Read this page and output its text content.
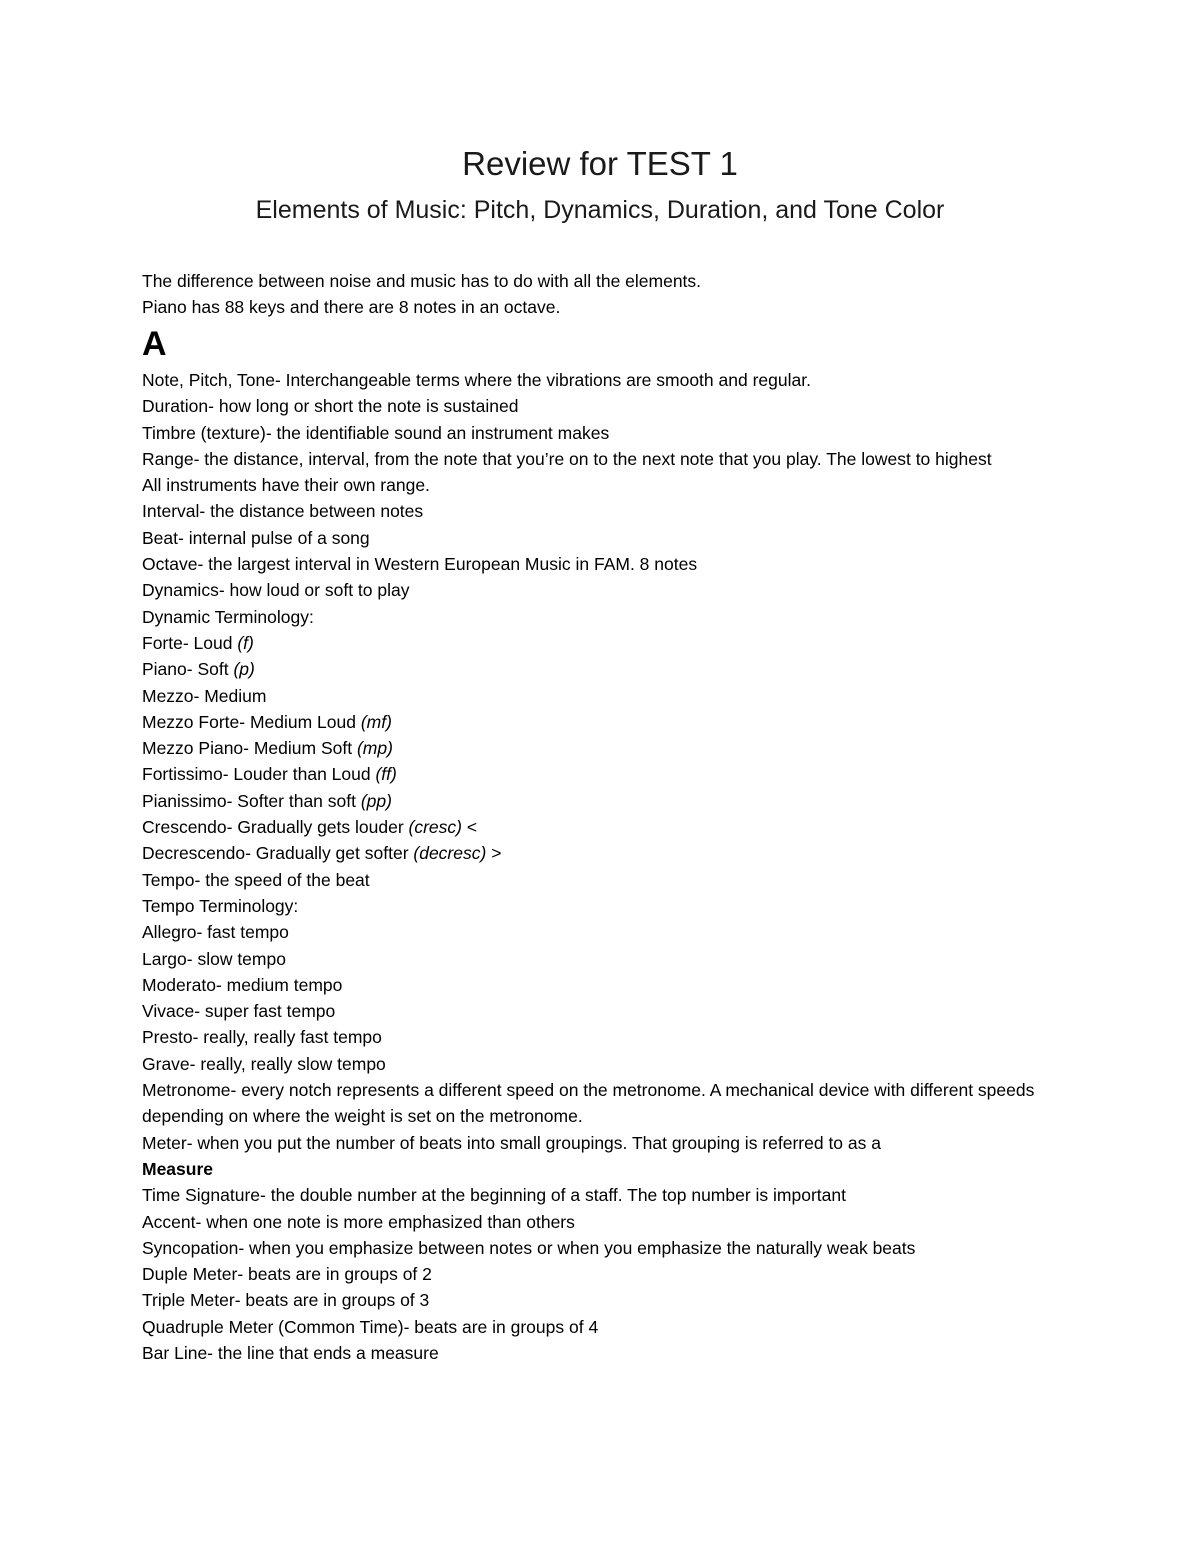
Review for TEST 1
Elements of Music: Pitch, Dynamics, Duration, and Tone Color
The difference between noise and music has to do with all the elements.
Piano has 88 keys and there are 8 notes in an octave.
A
Note, Pitch, Tone- Interchangeable terms where the vibrations are smooth and regular.
Duration- how long or short the note is sustained
Timbre (texture)- the identifiable sound an instrument makes
Range- the distance, interval, from the note that you’re on to the next note that you play. The lowest to highest
All instruments have their own range.
Interval- the distance between notes
Beat- internal pulse of a song
Octave- the largest interval in Western European Music in FAM. 8 notes
Dynamics- how loud or soft to play
Dynamic Terminology:
Forte- Loud (f)
Piano- Soft (p)
Mezzo- Medium
Mezzo Forte- Medium Loud (mf)
Mezzo Piano- Medium Soft (mp)
Fortissimo- Louder than Loud (ff)
Pianissimo- Softer than soft (pp)
Crescendo- Gradually gets louder (cresc) <
Decrescendo- Gradually get softer (decresc) >
Tempo- the speed of the beat
Tempo Terminology:
Allegro- fast tempo
Largo- slow tempo
Moderato- medium tempo
Vivace- super fast tempo
Presto- really, really fast tempo
Grave- really, really slow tempo
Metronome- every notch represents a different speed on the metronome. A mechanical device with different speeds depending on where the weight is set on the metronome.
Meter- when you put the number of beats into small groupings. That grouping is referred to as a
Measure
Time Signature- the double number at the beginning of a staff. The top number is important
Accent- when one note is more emphasized than others
Syncopation- when you emphasize between notes or when you emphasize the naturally weak beats
Duple Meter- beats are in groups of 2
Triple Meter- beats are in groups of 3
Quadruple Meter (Common Time)- beats are in groups of 4
Bar Line- the line that ends a measure
